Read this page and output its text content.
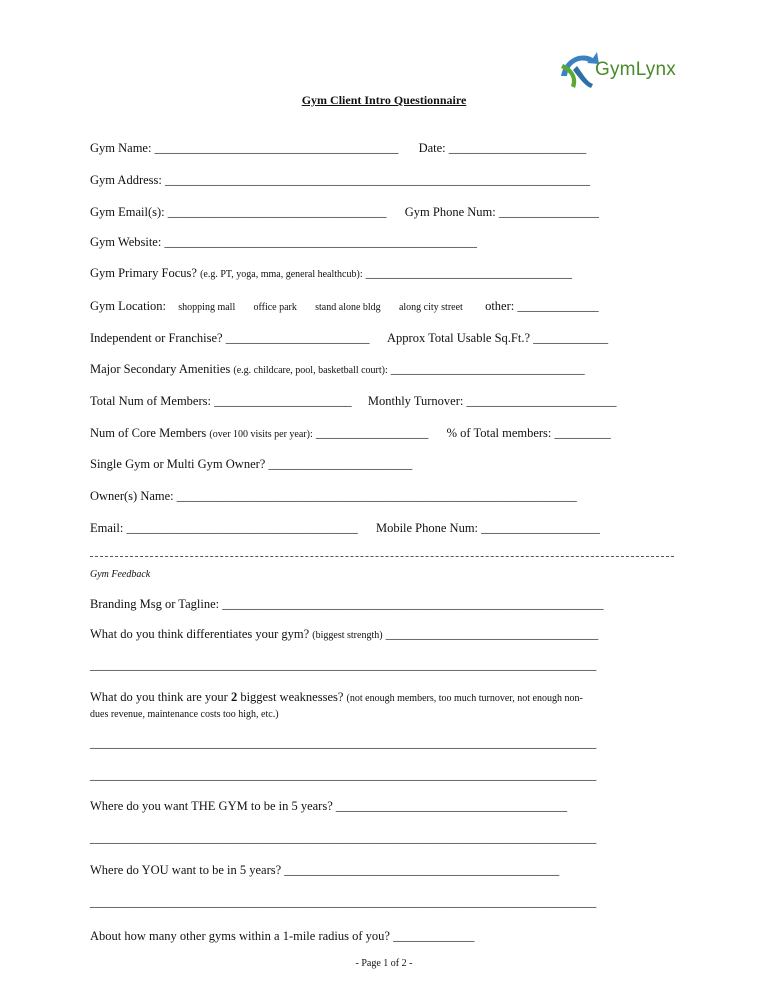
GymLynx
Gym Client Intro Questionnaire
Gym Name: _______________________________________ Date: ______________________
Gym Address: ____________________________________________________________________
Gym Email(s): ___________________________________ Gym Phone Num: ________________
Gym Website: __________________________________________________
Gym Primary Focus? (e.g. PT, yoga, mma, general healthcub): _________________________________
Gym Location: shopping mall office park stand alone bldg along city street other: _____________
Independent or Franchise? _______________________ Approx Total Usable Sq.Ft.? ____________
Major Secondary Amenities (e.g. childcare, pool, basketball court): _______________________________
Total Num of Members: ______________________ Monthly Turnover: ________________________
Num of Core Members (over 100 visits per year): __________________ % of Total members: _________
Single Gym or Multi Gym Owner? _______________________
Owner(s) Name: ________________________________________________________________
Email: _____________________________________ Mobile Phone Num: ___________________
Gym Feedback
Branding Msg or Tagline: _____________________________________________________________
What do you think differentiates your gym? (biggest strength) __________________________________
_________________________________________________________________________________
What do you think are your 2 biggest weaknesses? (not enough members, too much turnover, not enough non-
dues revenue, maintenance costs too high, etc.)
_________________________________________________________________________________
_________________________________________________________________________________
Where do you want THE GYM to be in 5 years? _____________________________________
_________________________________________________________________________________
Where do YOU want to be in 5 years? ____________________________________________
_________________________________________________________________________________
About how many other gyms within a 1-mile radius of you? _____________
- Page 1 of 2 -
